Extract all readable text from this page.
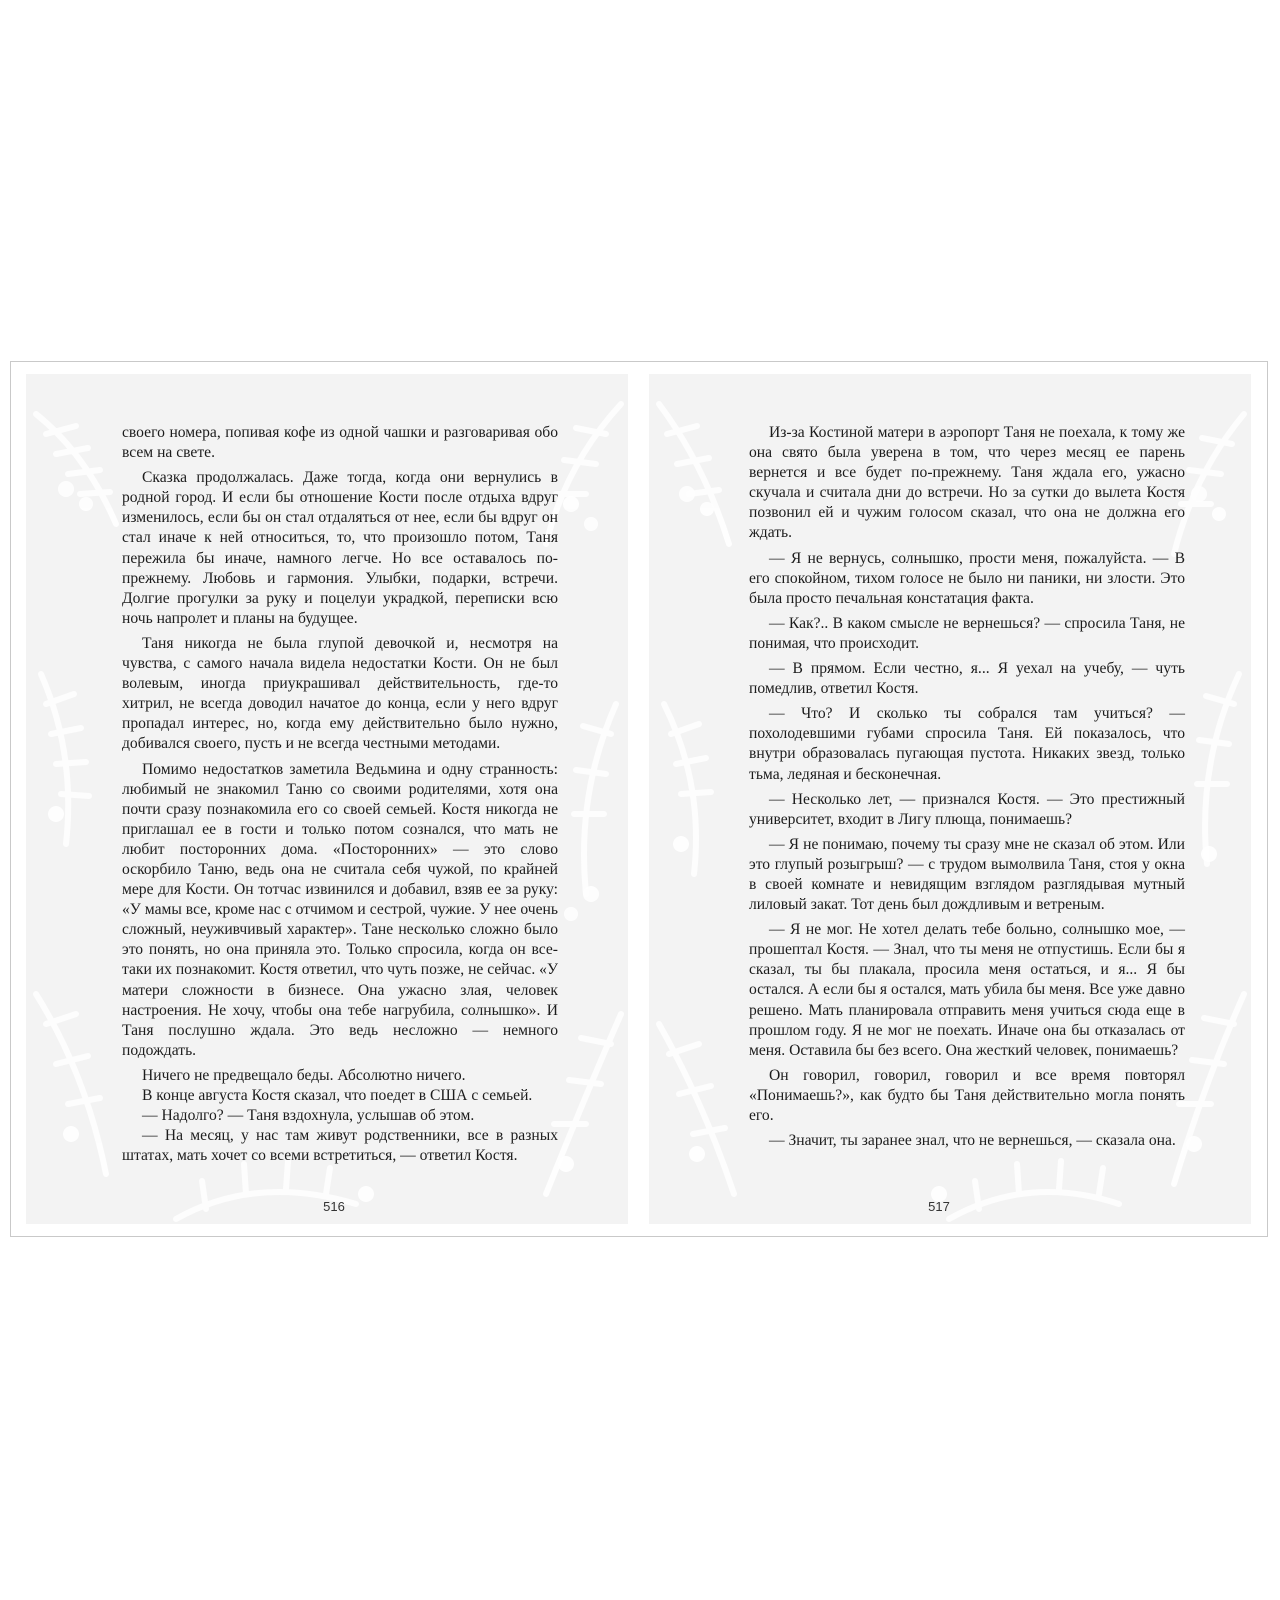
своего номера, попивая кофе из одной чашки и разговаривая обо всем на свете.

Сказка продолжалась. Даже тогда, когда они вернулись в родной город. И если бы отношение Кости после отдыха вдруг изменилось, если бы он стал отдаляться от нее, если бы вдруг он стал иначе к ней относиться, то, что произошло потом, Таня пережила бы иначе, намного легче. Но все оставалось по-прежнему. Любовь и гармония. Улыбки, подарки, встречи. Долгие прогулки за руку и поцелуи украдкой, переписки всю ночь напролет и планы на будущее.

Таня никогда не была глупой девочкой и, несмотря на чувства, с самого начала видела недостатки Кости. Он не был волевым, иногда приукрашивал действительность, где-то хитрил, не всегда доводил начатое до конца, если у него вдруг пропадал интерес, но, когда ему действительно было нужно, добивался своего, пусть и не всегда честными методами.

Помимо недостатков заметила Ведьмина и одну странность: любимый не знакомил Таню со своими родителями, хотя она почти сразу познакомила его со своей семьей. Костя никогда не приглашал ее в гости и только потом сознался, что мать не любит посторонних дома. «Посторонних» — это слово оскорбило Таню, ведь она не считала себя чужой, по крайней мере для Кости. Он тотчас извинился и добавил, взяв ее за руку: «У мамы все, кроме нас с отчимом и сестрой, чужие. У нее очень сложный, неуживчивый характер». Тане несколько сложно было это понять, но она приняла это. Только спросила, когда он все-таки их познакомит. Костя ответил, что чуть позже, не сейчас. «У матери сложности в бизнесе. Она ужасно злая, человек настроения. Не хочу, чтобы она тебе нагрубила, солнышко». И Таня послушно ждала. Это ведь несложно — немного подождать.

Ничего не предвещало беды. Абсолютно ничего.

В конце августа Костя сказал, что поедет в США с семьей.

— Надолго? — Таня вздохнула, услышав об этом.

— На месяц, у нас там живут родственники, все в разных штатах, мать хочет со всеми встретиться, — ответил Костя.

516

Из-за Костиной матери в аэропорт Таня не поехала, к тому же она свято была уверена в том, что через месяц ее парень вернется и все будет по-прежнему. Таня ждала его, ужасно скучала и считала дни до встречи. Но за сутки до вылета Костя позвонил ей и чужим голосом сказал, что она не должна его ждать.

— Я не вернусь, солнышко, прости меня, пожалуйста. — В его спокойном, тихом голосе не было ни паники, ни злости. Это была просто печальная констатация факта.

— Как?.. В каком смысле не вернешься? — спросила Таня, не понимая, что происходит.

— В прямом. Если честно, я... Я уехал на учебу, — чуть помедлив, ответил Костя.

— Что? И сколько ты собрался там учиться? — похолодевшими губами спросила Таня. Ей показалось, что внутри образовалась пугающая пустота. Никаких звезд, только тьма, ледяная и бесконечная.

— Несколько лет, — признался Костя. — Это престижный университет, входит в Лигу плюща, понимаешь?

— Я не понимаю, почему ты сразу мне не сказал об этом. Или это глупый розыгрыш? — с трудом вымолвила Таня, стоя у окна в своей комнате и невидящим взглядом разглядывая мутный лиловый закат. Тот день был дождливым и ветреным.

— Я не мог. Не хотел делать тебе больно, солнышко мое, — прошептал Костя. — Знал, что ты меня не отпустишь. Если бы я сказал, ты бы плакала, просила меня остаться, и я... Я бы остался. А если бы я остался, мать убила бы меня. Все уже давно решено. Мать планировала отправить меня учиться сюда еще в прошлом году. Я не мог не поехать. Иначе она бы отказалась от меня. Оставила бы без всего. Она жесткий человек, понимаешь?

Он говорил, говорил, говорил и все время повторял «Понимаешь?», как будто бы Таня действительно могла понять его.

— Значит, ты заранее знал, что не вернешься, — сказала она.

517
